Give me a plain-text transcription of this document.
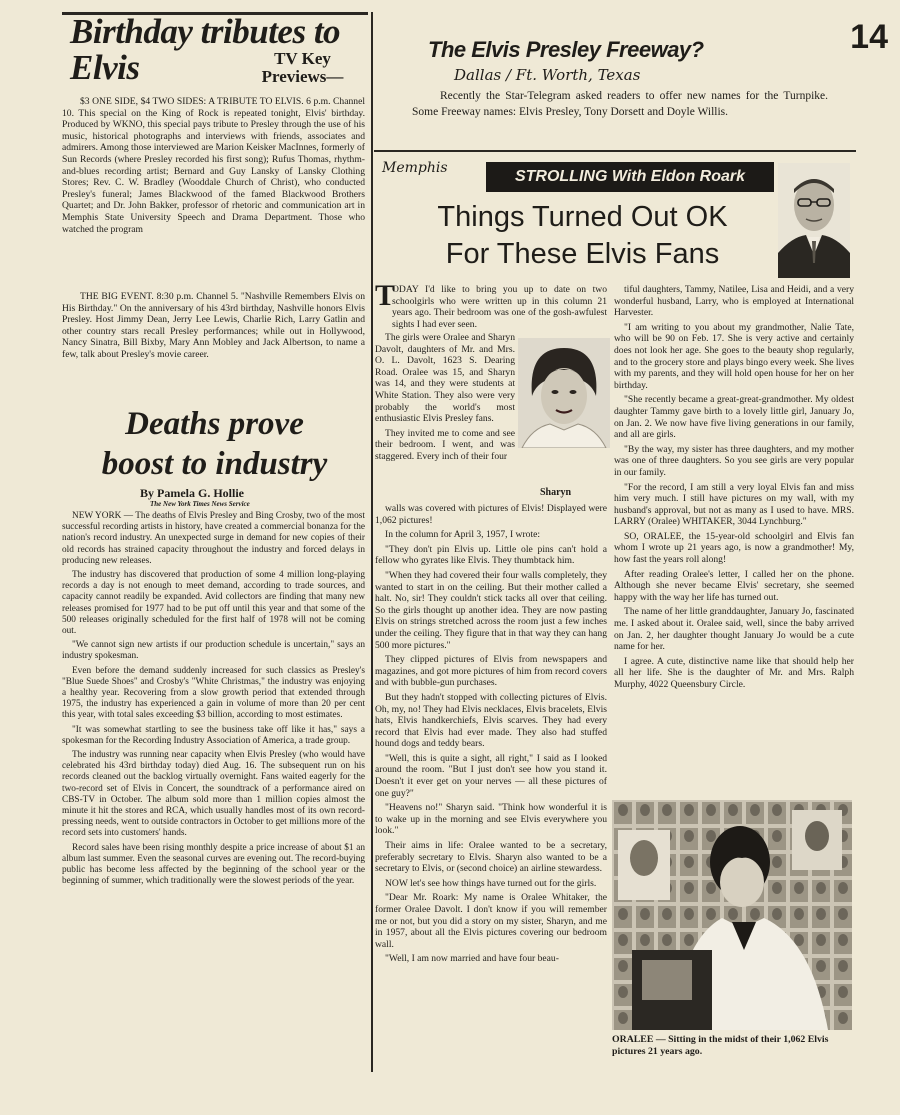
Birthday tributes to Elvis	TV Key Previews—

$3 ONE SIDE, $4 TWO SIDES: A TRIBUTE TO ELVIS. 6 p.m. Channel 10. This special on the King of Rock is repeated tonight, Elvis' birthday. Produced by WKNO, this special pays tribute to Presley through the use of his music, historical photographs and interviews with friends, associates and admirers. Among those interviewed are Marion Keisker MacInnes, formerly of Sun Records (where Presley recorded his first song); Rufus Thomas, rhythm-and-blues recording artist; Bernard and Guy Lansky of Lansky Clothing Stores; Rev. C. W. Bradley (Wooddale Church of Christ), who conducted Presley's funeral; James Blackwood of the famed Blackwood Brothers Quartet; and Dr. John Bakker, professor of rhetoric and communication art in Memphis State University Speech and Drama Department. Those who watched the program

THE BIG EVENT. 8:30 p.m. Channel 5. "Nashville Remembers Elvis on His Birthday." On the anniversary of his 43rd birthday, Nashville honors Elvis Presley. Host Jimmy Dean, Jerry Lee Lewis, Charlie Rich, Larry Gatlin and other country stars recall Presley performances; while out in Hollywood, Nancy Sinatra, Bill Bixby, Mary Ann Mobley and Jack Albertson, to name a few, talk about Presley's movie career.

Deaths prove
boost to industry
By Pamela G. Hollie
The New York Times News Service

NEW YORK — The deaths of Elvis Presley and Bing Crosby, two of the most successful recording artists in history, have created a commercial bonanza for the nation's record industry. An unexpected surge in demand for new copies of their old records has strained capacity throughout the industry and forced delays in producing new releases.

The industry has discovered that production of some 4 million long-playing records a day is not enough to meet demand, according to trade sources, and capacity cannot readily be expanded. Avid collectors are finding that many new releases promised for 1977 had to be put off until this year and that some of the 500 releases originally scheduled for the first half of 1978 will not be coming out.

"We cannot sign new artists if our production schedule is uncertain," says an industry spokesman.

Even before the demand suddenly increased for such classics as Presley's "Blue Suede Shoes" and Crosby's "White Christmas," the industry was enjoying a healthy year. Recovering from a slow growth period that extended through 1975, the industry has experienced a gain in volume of more than 20 per cent this year, with total sales exceeding $3 billion, according to most estimates.

"It was somewhat startling to see the business take off like it has," says a spokesman for the Recording Industry Association of America, a trade group.

The industry was running near capacity when Elvis Presley (who would have celebrated his 43rd birthday today) died Aug. 16. The subsequent run on his records cleaned out the backlog virtually overnight. Fans waited eagerly for the two-record set of Elvis in Concert, the soundtrack of a performance aired on CBS-TV in October. The album sold more than 1 million copies almost the minute it hit the stores and RCA, which usually handles most of its own record-pressing needs, went to outside contractors in October to get millions more of the record sets into customers' hands.

Record sales have been rising monthly despite a price increase of about $1 an album last summer. Even the seasonal curves are evening out. The record-buying public has become less affected by the beginning of the school year or the beginning of summer, which traditionally were the slowest periods of the year.

14
The Elvis Presley Freeway?
Dallas / Ft. Worth, Texas
Recently the Star-Telegram asked readers to offer new names for the Turnpike. Some Freeway names: Elvis Presley, Tony Dorsett and Doyle Willis.
Memphis	STROLLING With Eldon Roark
Things Turned Out OK
For These Elvis Fans
T

ODAY I'd like to bring you up to date on two schoolgirls who were written up in this column 21 years ago. Their bedroom was one of the gosh-awfulest sights I had ever seen.

The girls were Oralee and Sharyn Davolt, daughters of Mr. and Mrs. O. L. Davolt, 1623 S. Dearing Road. Oralee was 15, and Sharyn was 14, and they were students at White Station. They also were very probably the world's most enthusiastic Elvis Presley fans.

They invited me to come and see their bedroom. I went, and was staggered. Every inch of their four

Sharyn

walls was covered with pictures of Elvis! Displayed were 1,062 pictures!

In the column for April 3, 1957, I wrote:

"They don't pin Elvis up. Little ole pins can't hold a fellow who gyrates like Elvis. They thumbtack him.

"When they had covered their four walls completely, they wanted to start in on the ceiling. But their mother called a halt. No, sir! They couldn't stick tacks all over that ceiling. So the girls thought up another idea. They are now pasting Elvis on strings stretched across the room just a few inches under the ceiling. They figure that in that way they can hang 500 more pictures."

They clipped pictures of Elvis from newspapers and magazines, and got more pictures of him from record covers and with bubble-gun purchases.

But they hadn't stopped with collecting pictures of Elvis. Oh, my, no! They had Elvis necklaces, Elvis bracelets, Elvis hats, Elvis handkerchiefs, Elvis scarves. They had every record that Elvis had ever made. They also had stuffed hound dogs and teddy bears.

"Well, this is quite a sight, all right," I said as I looked around the room. "But I just don't see how you stand it. Doesn't it ever get on your nerves — all these pictures of one guy?"

"Heavens no!" Sharyn said. "Think how wonderful it is to wake up in the morning and see Elvis everywhere you look."

Their aims in life: Oralee wanted to be a secretary, preferably secretary to Elvis. Sharyn also wanted to be a secretary to Elvis, or (second choice) an airline stewardess.

NOW let's see how things have turned out for the girls.

"Dear Mr. Roark: My name is Oralee Whitaker, the former Oralee Davolt. I don't know if you will remember me or not, but you did a story on my sister, Sharyn, and me in 1957, about all the Elvis pictures covering our bedroom wall.

"Well, I am now married and have four beau-

tiful daughters, Tammy, Natilee, Lisa and Heidi, and a very wonderful husband, Larry, who is employed at International Harvester.

"I am writing to you about my grandmother, Nalie Tate, who will be 90 on Feb. 17. She is very active and certainly does not look her age. She goes to the beauty shop regularly, and to the grocery store and plays bingo every week. She lives with my parents, and they will hold open house for her on her birthday.

"She recently became a great-great-grandmother. My oldest daughter Tammy gave birth to a lovely little girl, January Jo, on Jan. 2. We now have five living generations in our family, and all are girls.

"By the way, my sister has three daughters, and my mother was one of three daughters. So you see girls are very popular in our family.

"For the record, I am still a very loyal Elvis fan and miss him very much. I still have pictures on my wall, with my husband's approval, but not as many as I used to have. MRS. LARRY (Oralee) WHITAKER, 3044 Lynchburg."

SO, ORALEE, the 15-year-old schoolgirl and Elvis fan whom I wrote up 21 years ago, is now a grandmother! My, how fast the years roll along!

After reading Oralee's letter, I called her on the phone. Although she never became Elvis' secretary, she seemed happy with the way her life has turned out.

The name of her little granddaughter, January Jo, fascinated me. I asked about it. Oralee said, well, since the baby arrived on Jan. 2, her daughter thought January Jo would be a cute name for her.

I agree. A cute, distinctive name like that should help her all her life. She is the daughter of Mr. and Mrs. Ralph Murphy, 4022 Queensbury Circle.

ORALEE — Sitting in the midst of their 1,062 Elvis pictures 21 years ago.
